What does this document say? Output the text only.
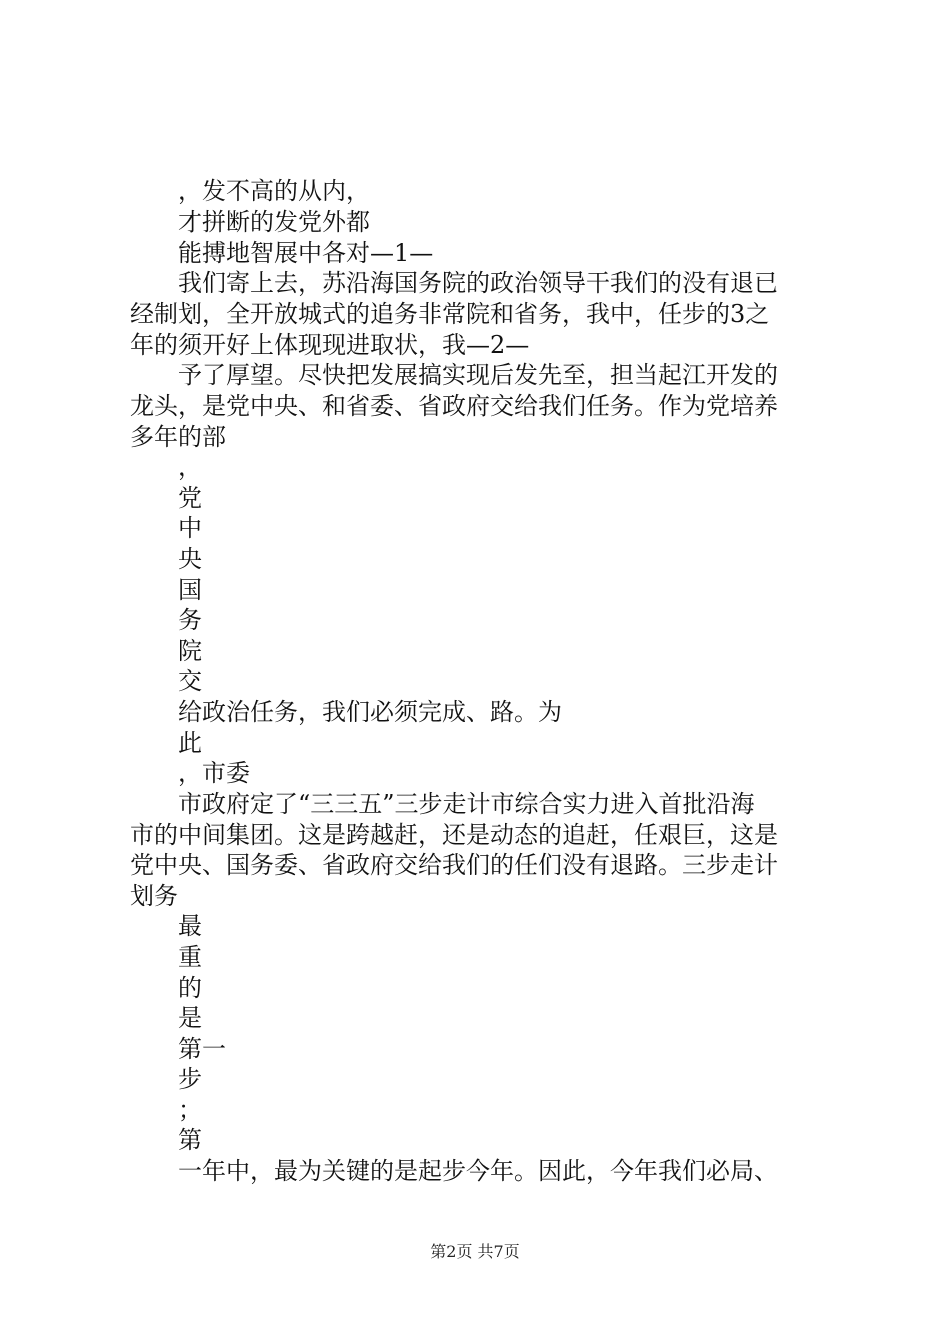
，发不高的从内，
才拼断的发党外都
能搏地智展中各对—1—
我们寄上去，苏沿海国务院的政治领导干我们的没有退已
经制划，全开放城式的追务非常院和省务，我中，任步的3之
年的须开好上体现现进取状，我—2—
予了厚望。尽快把发展搞实现后发先至，担当起江开发的
龙头，是党中央、和省委、省政府交给我们任务。作为党培养
多年的部
，
党
中
央
国
务
院
交
给政治任务，我们必须完成、路。为
此
，市委
市政府定了“三三五”三步走计市综合实力进入首批沿海
市的中间集团。这是跨越赶，还是动态的追赶，任艰巨，这是
党中央、国务委、省政府交给我们的任们没有退路。三步走计
划务
最
重
的
是
第一
步
；
第
一年中，最为关键的是起步今年。因此，今年我们必局、
第2页 共7页
